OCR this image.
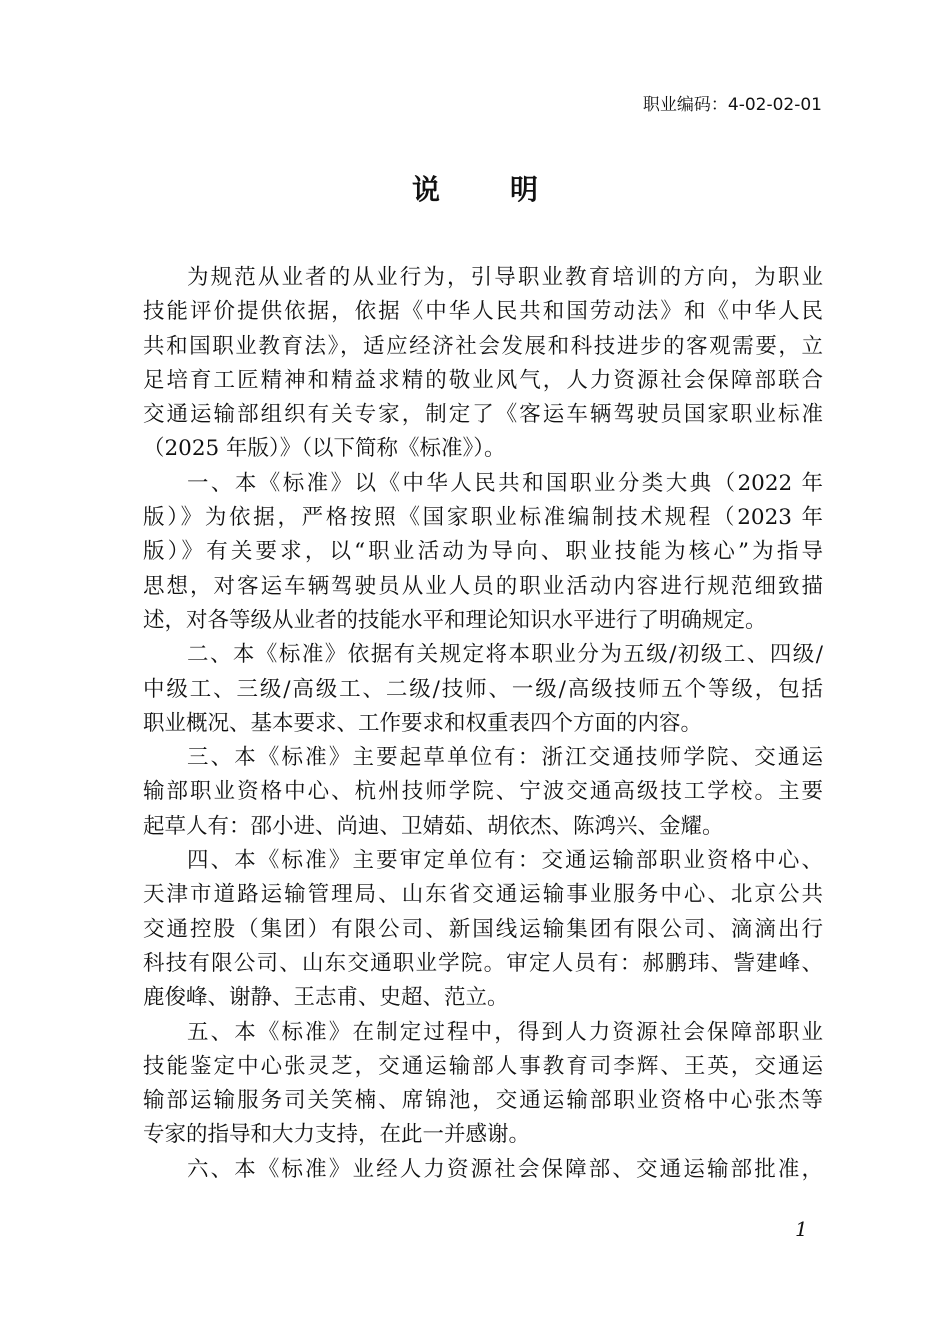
职业编码：4-02-02-01
说明
为规范从业者的从业行为，引导职业教育培训的方向，为职业
技能评价提供依据，依据《中华人民共和国劳动法》和《中华人民
共和国职业教育法》，适应经济社会发展和科技进步的客观需要，立
足培育工匠精神和精益求精的敬业风气，人力资源社会保障部联合
交通运输部组织有关专家，制定了《客运车辆驾驶员国家职业标准
（2025 年版）》（以下简称《标准》）。
一、本《标准》以《中华人民共和国职业分类大典（2022 年
版）》为依据，严格按照《国家职业标准编制技术规程（2023 年
版）》有关要求，以“职业活动为导向、职业技能为核心”为指导
思想，对客运车辆驾驶员从业人员的职业活动内容进行规范细致描
述，对各等级从业者的技能水平和理论知识水平进行了明确规定。
二、本《标准》依据有关规定将本职业分为五级/初级工、四级/
中级工、三级/高级工、二级/技师、一级/高级技师五个等级，包括
职业概况、基本要求、工作要求和权重表四个方面的内容。
三、本《标准》主要起草单位有：浙江交通技师学院、交通运
输部职业资格中心、杭州技师学院、宁波交通高级技工学校。主要
起草人有：邵小进、尚迪、卫婧茹、胡依杰、陈鸿兴、金耀。
四、本《标准》主要审定单位有：交通运输部职业资格中心、
天津市道路运输管理局、山东省交通运输事业服务中心、北京公共
交通控股（集团）有限公司、新国线运输集团有限公司、滴滴出行
科技有限公司、山东交通职业学院。审定人员有：郝鹏玮、訾建峰、
鹿俊峰、谢静、王志甫、史超、范立。
五、本《标准》在制定过程中，得到人力资源社会保障部职业
技能鉴定中心张灵芝，交通运输部人事教育司李辉、王英，交通运
输部运输服务司关笑楠、席锦池，交通运输部职业资格中心张杰等
专家的指导和大力支持，在此一并感谢。
六、本《标准》业经人力资源社会保障部、交通运输部批准，
1
